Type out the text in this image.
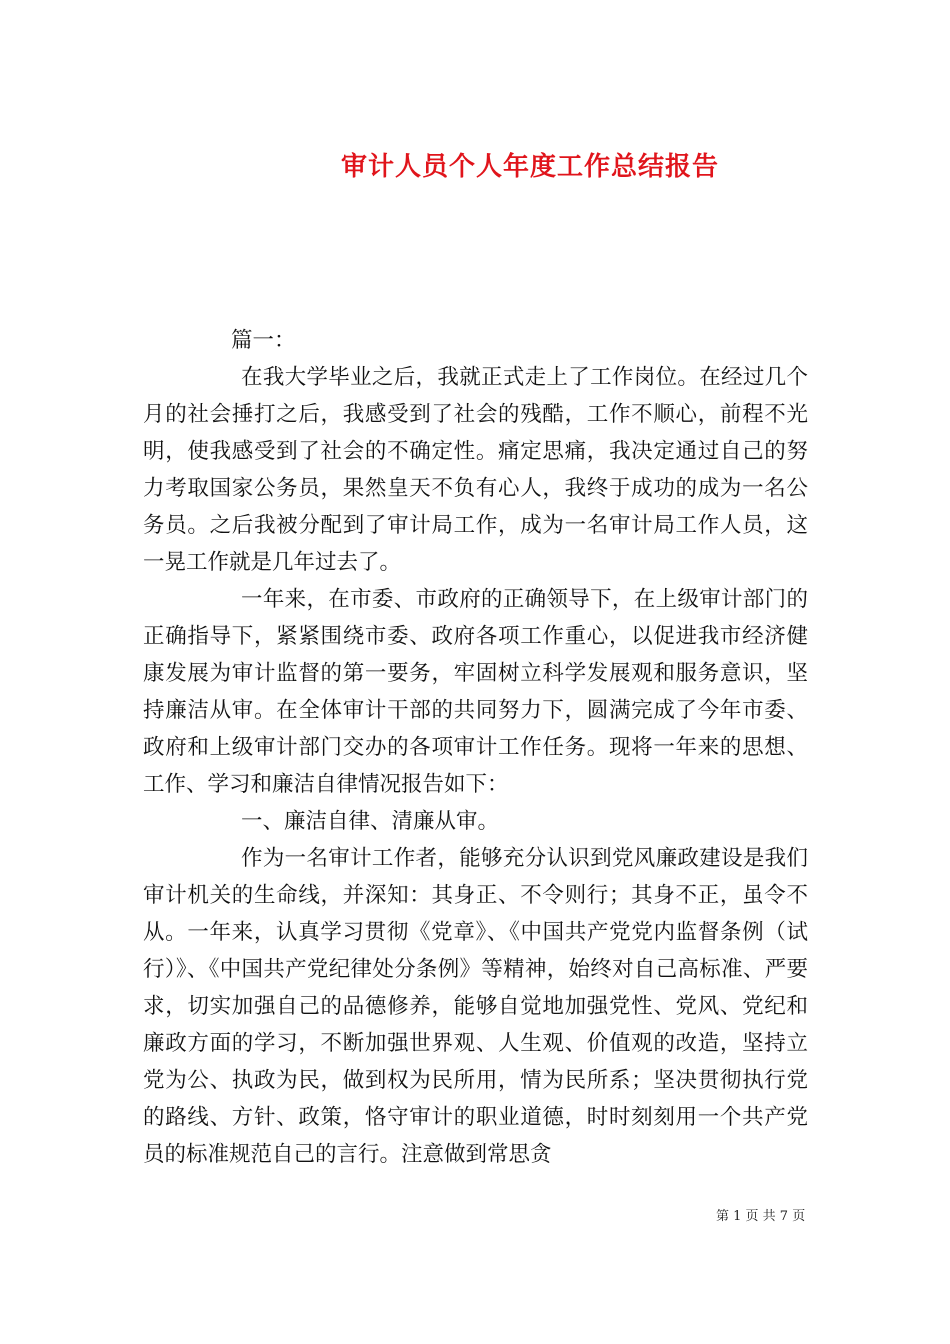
审计人员个人年度工作总结报告

篇一：

在我大学毕业之后，我就正式走上了工作岗位。在经过几个月的社会捶打之后，我感受到了社会的残酷，工作不顺心，前程不光明，使我感受到了社会的不确定性。痛定思痛，我决定通过自己的努力考取国家公务员，果然皇天不负有心人，我终于成功的成为一名公务员。之后我被分配到了审计局工作，成为一名审计局工作人员，这一晃工作就是几年过去了。

一年来，在市委、市政府的正确领导下，在上级审计部门的正确指导下，紧紧围绕市委、政府各项工作重心，以促进我市经济健康发展为审计监督的第一要务，牢固树立科学发展观和服务意识，坚持廉洁从审。在全体审计干部的共同努力下，圆满完成了今年市委、政府和上级审计部门交办的各项审计工作任务。现将一年来的思想、工作、学习和廉洁自律情况报告如下：

一、廉洁自律、清廉从审。

作为一名审计工作者，能够充分认识到党风廉政建设是我们审计机关的生命线，并深知：其身正、不令则行；其身不正，虽令不从。一年来，认真学习贯彻《党章》、《中国共产党党内监督条例（试行）》、《中国共产党纪律处分条例》等精神，始终对自己高标准、严要求，切实加强自己的品德修养，能够自觉地加强党性、党风、党纪和廉政方面的学习，不断加强世界观、人生观、价值观的改造，坚持立党为公、执政为民，做到权为民所用，情为民所系；坚决贯彻执行党的路线、方针、政策，恪守审计的职业道德，时时刻刻用一个共产党员的标准规范自己的言行。注意做到常思贪

第 1 页 共 7 页
